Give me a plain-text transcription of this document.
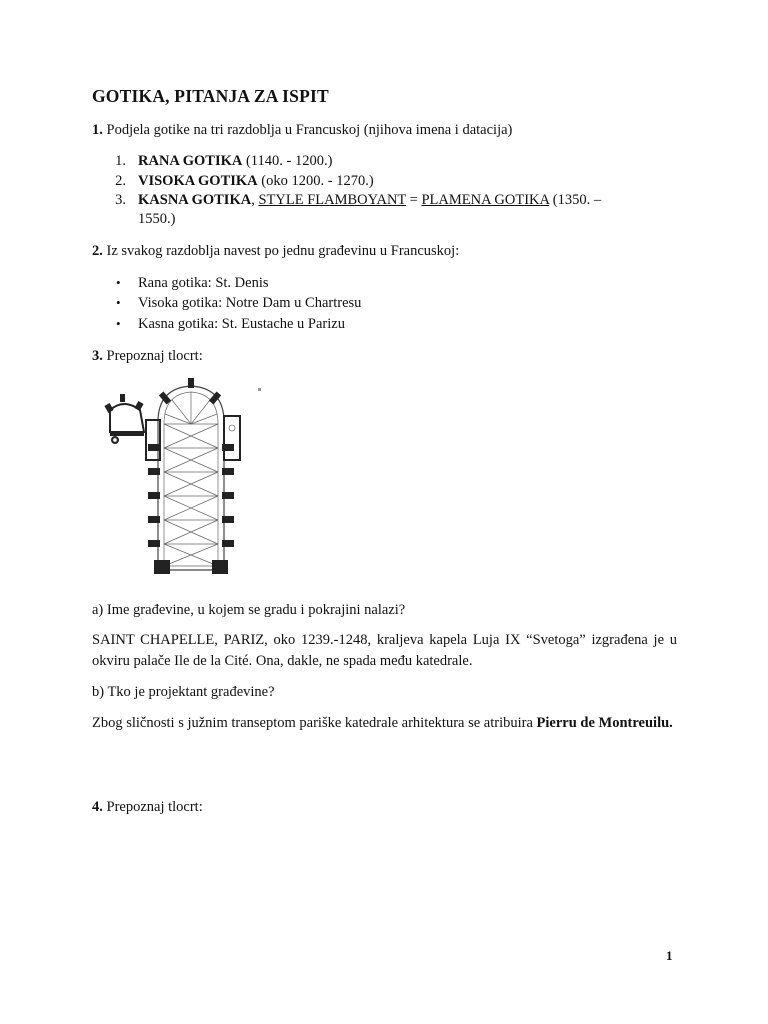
GOTIKA, PITANJA ZA ISPIT
1. Podjela gotike na tri razdoblja u Francuskoj (njihova imena i datacija)
1. RANA GOTIKA (1140. - 1200.)
2. VISOKA GOTIKA (oko 1200. - 1270.)
3. KASNA GOTIKA, STYLE FLAMBOYANT = PLAMENA GOTIKA (1350. –
1550.)
2. Iz svakog razdoblja navest po jednu građevinu u Francuskoj:
• Rana gotika: St. Denis
• Visoka gotika: Notre Dam u Chartresu
• Kasna gotika: St. Eustache u Parizu
3. Prepoznaj tlocrt:
a) Ime građevine, u kojem se gradu i pokrajini nalazi?
SAINT CHAPELLE, PARIZ, oko 1239.-1248, kraljeva kapela Luja IX “Svetoga” izgrađena je u okviru palače Ile de la Cité. Ona, dakle, ne spada među katedrale.
b) Tko je projektant građevine?
Zbog sličnosti s južnim transeptom pariške katedrale arhitektura se atribuira Pierru de Montreuilu.
4. Prepoznaj tlocrt:
1
